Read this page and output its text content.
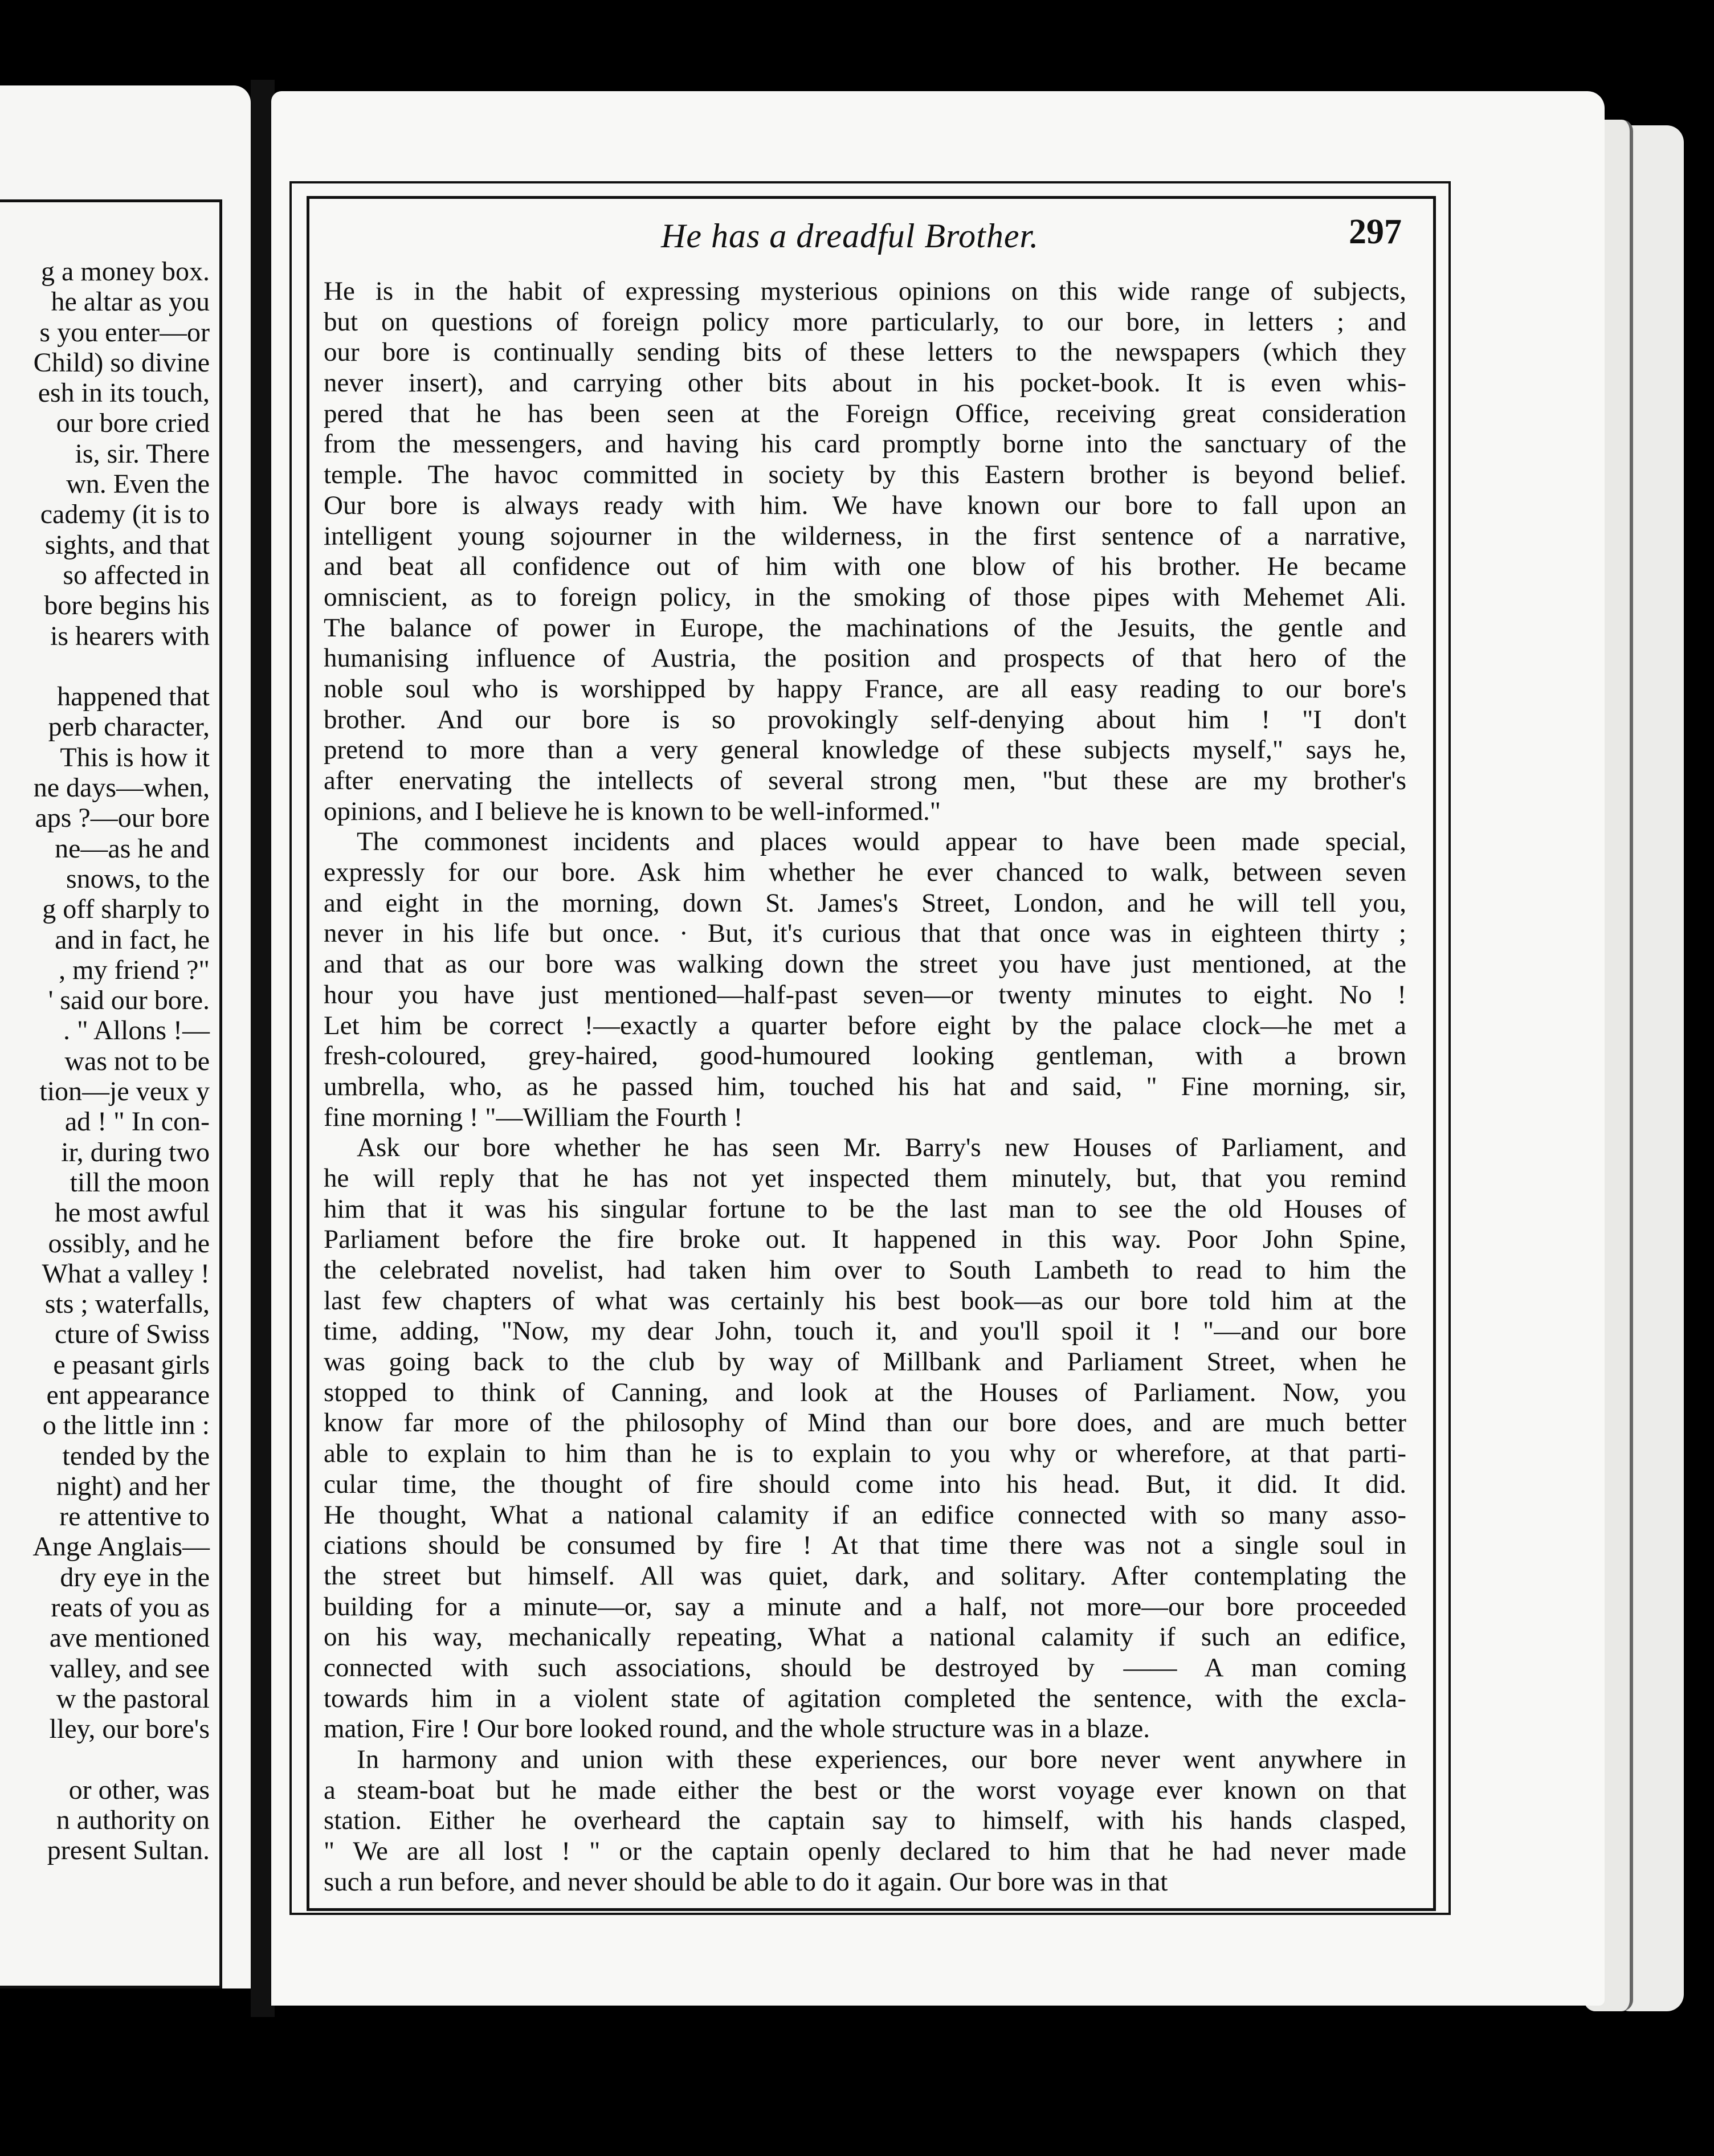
g a money box.
he altar as you
s you enter—or
Child) so divine
esh in its touch,
our bore cried
is, sir. There
wn. Even the
cademy (it is to
sights, and that
so affected in
bore begins his
is hearers with
happened that
perb character,
This is how it
ne days—when,
aps ?—our bore
ne—as he and
snows, to the
g off sharply to
and in fact, he
, my friend ?"
' said our bore.
. " Allons !—
was not to be
tion—je veux y
ad ! " In con-
ir, during two
till the moon
he most awful
ossibly, and he
What a valley !
sts ; waterfalls,
cture of Swiss
e peasant girls
ent appearance
o the little inn :
tended by the
night) and her
re attentive to
Ange Anglais—
dry eye in the
reats of you as
ave mentioned
valley, and see
w the pastoral
lley, our bore's
or other, was
n authority on
present Sultan.
He has a dreadful Brother.	297
He is in the habit of expressing mysterious opinions on this wide range of subjects,
but on questions of foreign policy more particularly, to our bore, in letters ; and
our bore is continually sending bits of these letters to the newspapers (which they
never insert), and carrying other bits about in his pocket-book. It is even whis-
pered that he has been seen at the Foreign Office, receiving great consideration
from the messengers, and having his card promptly borne into the sanctuary of the
temple. The havoc committed in society by this Eastern brother is beyond belief.
Our bore is always ready with him. We have known our bore to fall upon an
intelligent young sojourner in the wilderness, in the first sentence of a narrative,
and beat all confidence out of him with one blow of his brother. He became
omniscient, as to foreign policy, in the smoking of those pipes with Mehemet Ali.
The balance of power in Europe, the machinations of the Jesuits, the gentle and
humanising influence of Austria, the position and prospects of that hero of the
noble soul who is worshipped by happy France, are all easy reading to our bore's
brother. And our bore is so provokingly self-denying about him ! "I don't
pretend to more than a very general knowledge of these subjects myself," says he,
after enervating the intellects of several strong men, "but these are my brother's
opinions, and I believe he is known to be well-informed."
The commonest incidents and places would appear to have been made special,
expressly for our bore. Ask him whether he ever chanced to walk, between seven
and eight in the morning, down St. James's Street, London, and he will tell you,
never in his life but once. · But, it's curious that that once was in eighteen thirty ;
and that as our bore was walking down the street you have just mentioned, at the
hour you have just mentioned—half-past seven—or twenty minutes to eight. No !
Let him be correct !—exactly a quarter before eight by the palace clock—he met a
fresh-coloured, grey-haired, good-humoured looking gentleman, with a brown
umbrella, who, as he passed him, touched his hat and said, " Fine morning, sir,
fine morning ! "—William the Fourth !
Ask our bore whether he has seen Mr. Barry's new Houses of Parliament, and
he will reply that he has not yet inspected them minutely, but, that you remind
him that it was his singular fortune to be the last man to see the old Houses of
Parliament before the fire broke out. It happened in this way. Poor John Spine,
the celebrated novelist, had taken him over to South Lambeth to read to him the
last few chapters of what was certainly his best book—as our bore told him at the
time, adding, "Now, my dear John, touch it, and you'll spoil it ! "—and our bore
was going back to the club by way of Millbank and Parliament Street, when he
stopped to think of Canning, and look at the Houses of Parliament. Now, you
know far more of the philosophy of Mind than our bore does, and are much better
able to explain to him than he is to explain to you why or wherefore, at that parti-
cular time, the thought of fire should come into his head. But, it did. It did.
He thought, What a national calamity if an edifice connected with so many asso-
ciations should be consumed by fire ! At that time there was not a single soul in
the street but himself. All was quiet, dark, and solitary. After contemplating the
building for a minute—or, say a minute and a half, not more—our bore proceeded
on his way, mechanically repeating, What a national calamity if such an edifice,
connected with such associations, should be destroyed by —— A man coming
towards him in a violent state of agitation completed the sentence, with the excla-
mation, Fire ! Our bore looked round, and the whole structure was in a blaze.
In harmony and union with these experiences, our bore never went anywhere in
a steam-boat but he made either the best or the worst voyage ever known on that
station. Either he overheard the captain say to himself, with his hands clasped,
" We are all lost ! " or the captain openly declared to him that he had never made
such a run before, and never should be able to do it again. Our bore was in that
